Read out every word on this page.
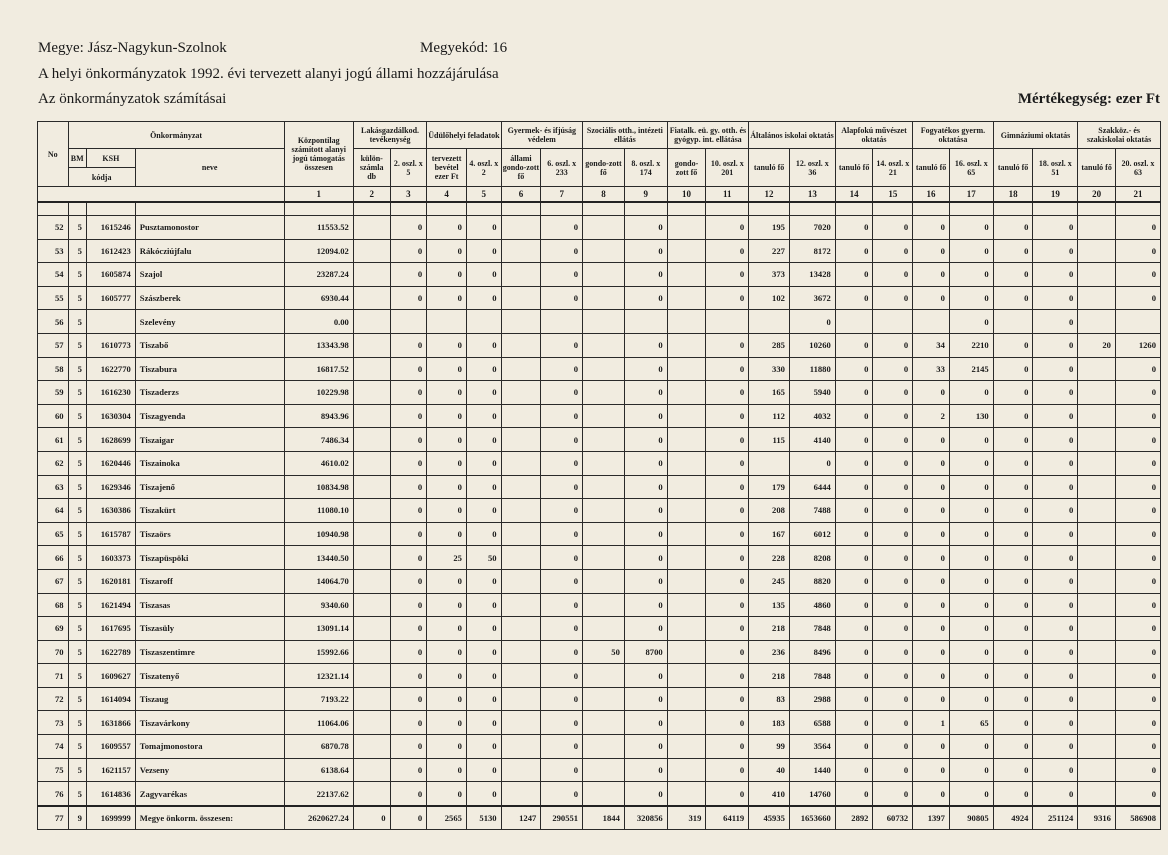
Megye: Jász-Nagykun-Szolnok	Megyekód: 16
A helyi önkormányzatok 1992. évi tervezett alanyi jogú állami hozzájárulása
Az önkormányzatok számításai	Mértékegység: ezer Ft
No	Önkormányzat			Központilag számított alanyi jogú támogatás összesen	Lakásgazdálkod. tevékenység		Üdülőhelyi feladatok		Gyermek- és ifjúság védelem		Szociális otth., intézeti ellátás		Fiatalk. eü. gy. otth. és gyógyp. int. ellátása		Általános iskolai oktatás		Alapfokú művészet oktatás		Fogyatékos gyerm. oktatása		Gimnáziumi oktatás		Szakköz.- és szakiskolai oktatás	
	BM	KSH	neve		külön-számla db	2. oszl. x 5	tervezett bevétel ezer Ft	4. oszl. x 2	állami gondo-zott fő	6. oszl. x 233	gondo-zott fő	8. oszl. x 174	gondo-zott fő	10. oszl. x 201	tanuló fő	12. oszl. x 36	tanuló fő	14. oszl. x 21	tanuló fő	16. oszl. x 65	tanuló fő	18. oszl. x 51	tanuló fő	20. oszl. x 63
	kódja																							
				1	2	3	4	5	6	7	8	9	10	11	12	13	14	15	16	17	18	19	20	21

52	5	1615246	Pusztamonostor	11553.52		0	0	0		0		0		0	195	7020	0	0	0	0	0	0		0
53	5	1612423	Rákócziújfalu	12094.02		0	0	0		0		0		0	227	8172	0	0	0	0	0	0		0
54	5	1605874	Szajol	23287.24		0	0	0		0		0		0	373	13428	0	0	0	0	0	0		0
55	5	1605777	Szászberek	6930.44		0	0	0		0		0		0	102	3672	0	0	0	0	0	0		0
56	5		Szelevény	0.00												0				0		0		
57	5	1610773	Tiszabő	13343.98		0	0	0		0		0		0	285	10260	0	0	34	2210	0	0	20	1260
58	5	1622770	Tiszabura	16817.52		0	0	0		0		0		0	330	11880	0	0	33	2145	0	0		0
59	5	1616230	Tiszaderzs	10229.98		0	0	0		0		0		0	165	5940	0	0	0	0	0	0		0
60	5	1630304	Tiszagyenda	8943.96		0	0	0		0		0		0	112	4032	0	0	2	130	0	0		0
61	5	1628699	Tiszaigar	7486.34		0	0	0		0		0		0	115	4140	0	0	0	0	0	0		0
62	5	1620446	Tiszainoka	4610.02		0	0	0		0		0		0		0	0	0	0	0	0	0		0
63	5	1629346	Tiszajenő	10834.98		0	0	0		0		0		0	179	6444	0	0	0	0	0	0		0
64	5	1630386	Tiszakürt	11080.10		0	0	0		0		0		0	208	7488	0	0	0	0	0	0		0
65	5	1615787	Tiszaörs	10940.98		0	0	0		0		0		0	167	6012	0	0	0	0	0	0		0
66	5	1603373	Tiszapüspöki	13440.50		0	25	50		0		0		0	228	8208	0	0	0	0	0	0		0
67	5	1620181	Tiszaroff	14064.70		0	0	0		0		0		0	245	8820	0	0	0	0	0	0		0
68	5	1621494	Tiszasas	9340.60		0	0	0		0		0		0	135	4860	0	0	0	0	0	0		0
69	5	1617695	Tiszasüly	13091.14		0	0	0		0		0		0	218	7848	0	0	0	0	0	0		0
70	5	1622789	Tiszaszentimre	15992.66		0	0	0		0	50	8700		0	236	8496	0	0	0	0	0	0		0
71	5	1609627	Tiszatenyő	12321.14		0	0	0		0		0		0	218	7848	0	0	0	0	0	0		0
72	5	1614094	Tiszaug	7193.22		0	0	0		0		0		0	83	2988	0	0	0	0	0	0		0
73	5	1631866	Tiszavárkony	11064.06		0	0	0		0		0		0	183	6588	0	0	1	65	0	0		0
74	5	1609557	Tomajmonostora	6870.78		0	0	0		0		0		0	99	3564	0	0	0	0	0	0		0
75	5	1621157	Vezseny	6138.64		0	0	0		0		0		0	40	1440	0	0	0	0	0	0		0
76	5	1614836	Zagyvarékas	22137.62		0	0	0		0		0		0	410	14760	0	0	0	0	0	0		0
77	9	1699999	Megye önkorm. összesen:	2620627.24	0	0	2565	5130	1247	290551	1844	320856	319	64119	45935	1653660	2892	60732	1397	90805	4924	251124	9316	586908
